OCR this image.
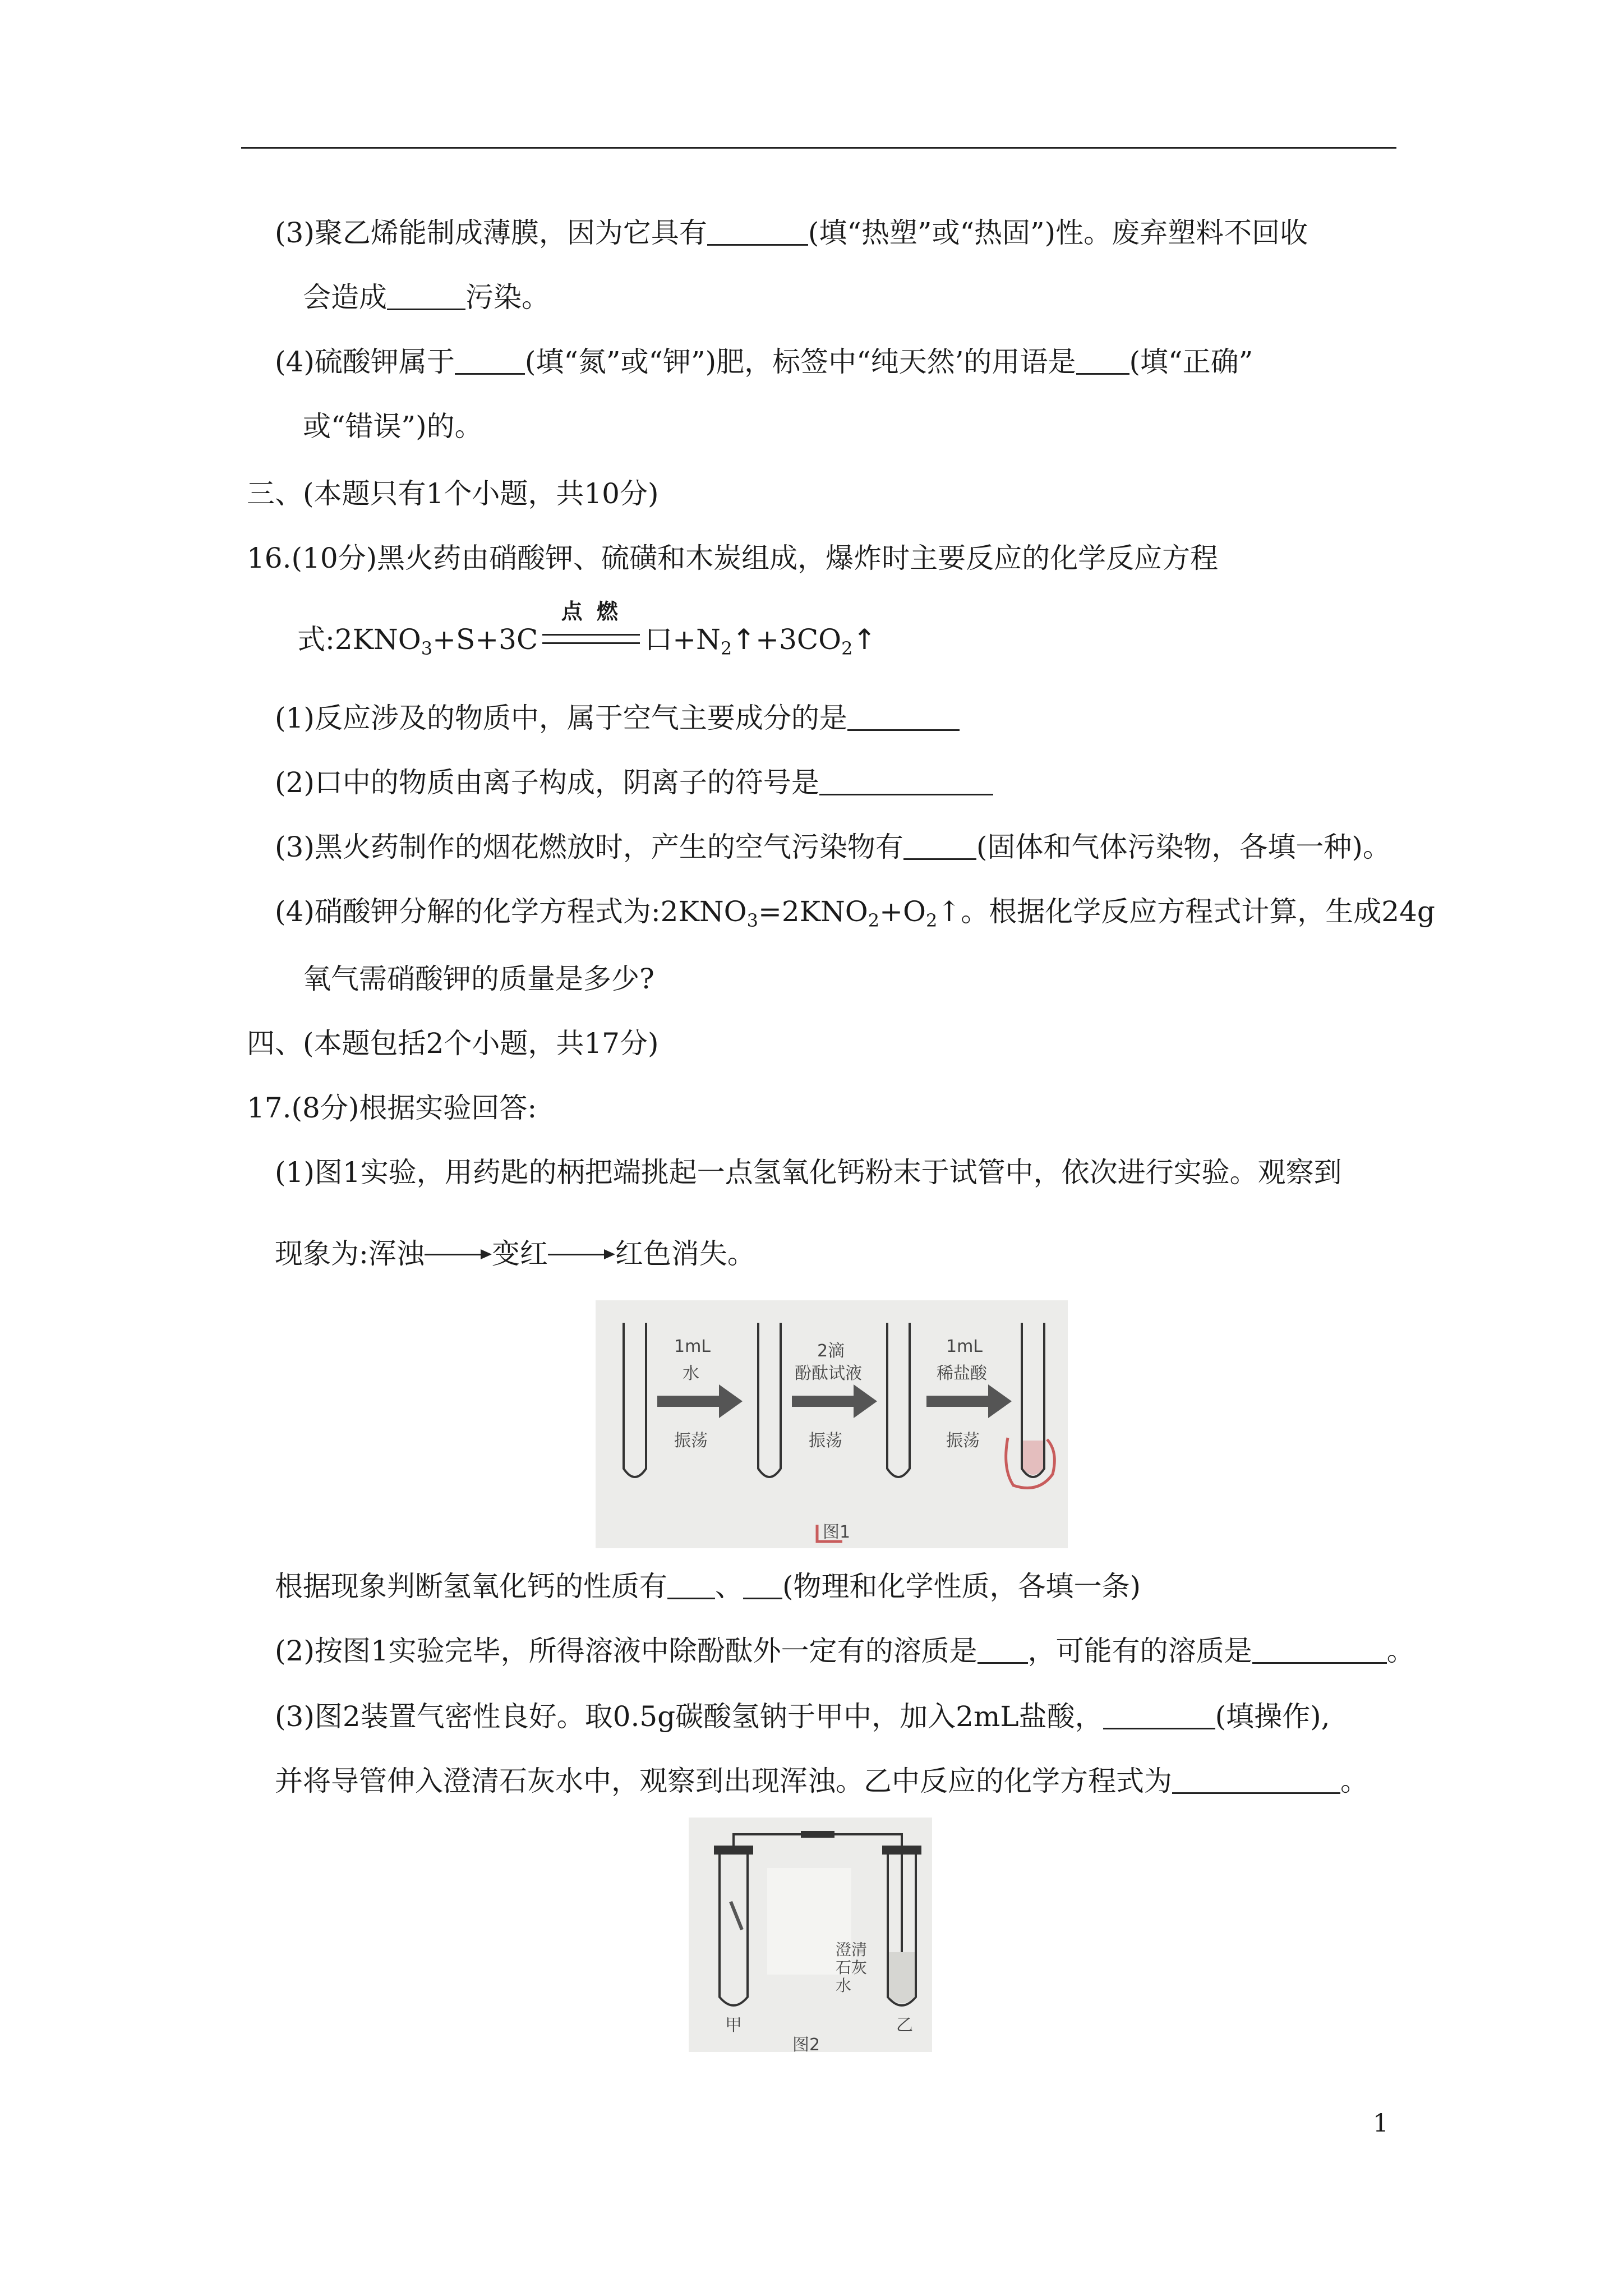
(3)聚乙烯能制成薄膜，因为它具有	(填“热塑”或“热固”)性。废弃塑料不回收
会造成	污染。
(4)硫酸钾属于	(填“氮”或“钾”)肥，标签中“纯天然’的用语是 (填“正确”
或“错误”)的。
三、(本题只有1个小题，共10分)
16.(10分)黑火药由硝酸钾、硫磺和木炭组成，爆炸时主要反应的化学反应方程
式$:2KNO_3+S+3C$
点 燃
口$+N_2↑+3CO_2↑$
(1)反应涉及的物质中，属于空气主要成分的是
(2)口中的物质由离子构成，阴离子的符号是
(3)黑火药制作的烟花燃放时，产生的空气污染物有	(固体和气体污染物，各填一种)。
(4)硝酸钾分解的化学方程式为$:2KNO_3=2KNO_2+O_2↑$。根据化学反应方程式计算，生成24g
氧气需硝酸钾的质量是多少?
四、(本题包括2个小题，共17分)
17.(8分)根据实验回答:
(1)图1实验，用药匙的柄把端挑起一点氢氧化钙粉末于试管中，依次进行实验。观察到
现象为:浑浊 变红 红色消失。
1mL
水
振荡
2滴
酚酞试液
振荡
1mL
稀盐酸
振荡
图1
根据现象判断氢氧化钙的性质有 、 (物理和化学性质，各填一条)
(2)按图1实验完毕，所得溶液中除酚酞外一定有的溶质是 ，可能有的溶质是	。
(3)图2装置气密性良好。取0.5g碳酸氢钠于甲中，加入2mL盐酸，	(填操作),
并将导管伸入澄清石灰水中，观察到出现浑浊。乙中反应的化学方程式为	。
澄清石灰水
甲	乙
图2
1
